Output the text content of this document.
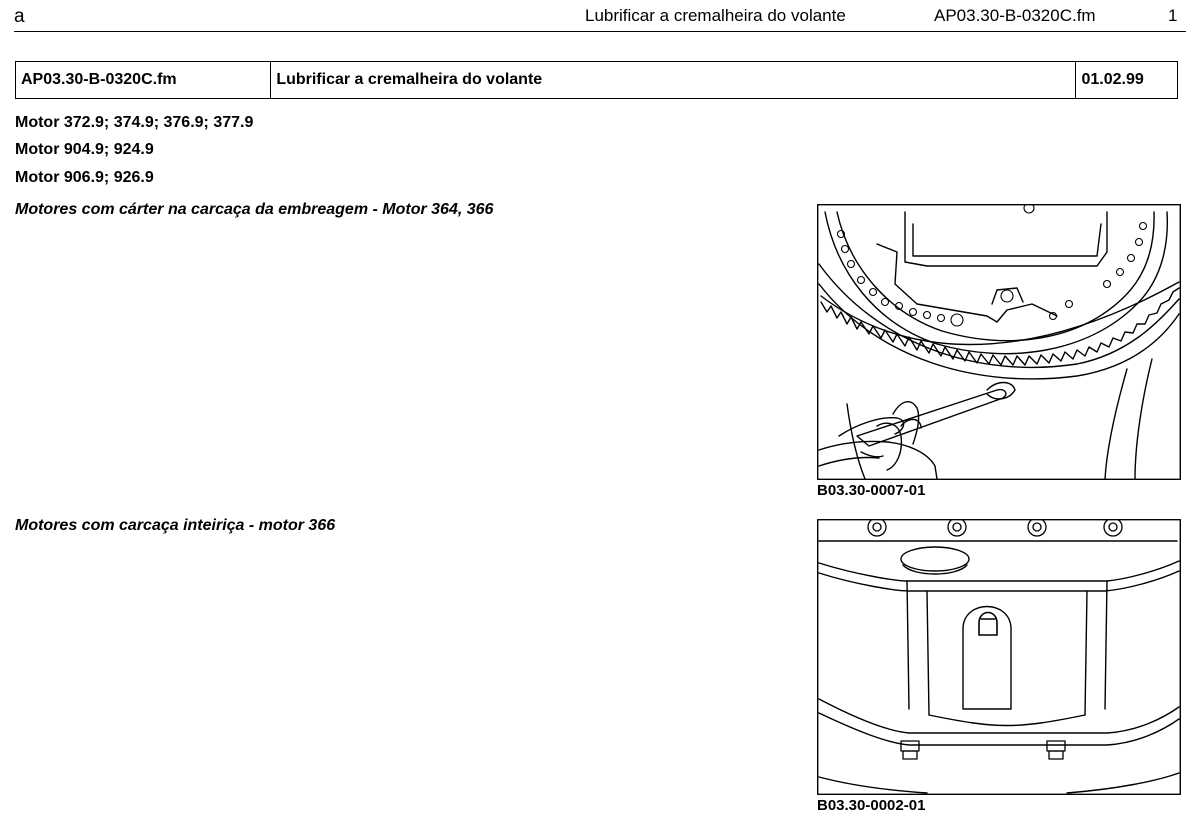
a	Lubrificar a cremalheira do volante	AP03.30-B-0320C.fm	1
AP03.30-B-0320C.fm	Lubrificar a cremalheira do volante	01.02.99
Motor 372.9; 374.9; 376.9; 377.9
Motor 904.9; 924.9
Motor 906.9; 926.9
Motores com cárter na carcaça da embreagem - Motor 364, 366
B03.30-0007-01
Motores com carcaça inteiriça - motor 366
B03.30-0002-01
